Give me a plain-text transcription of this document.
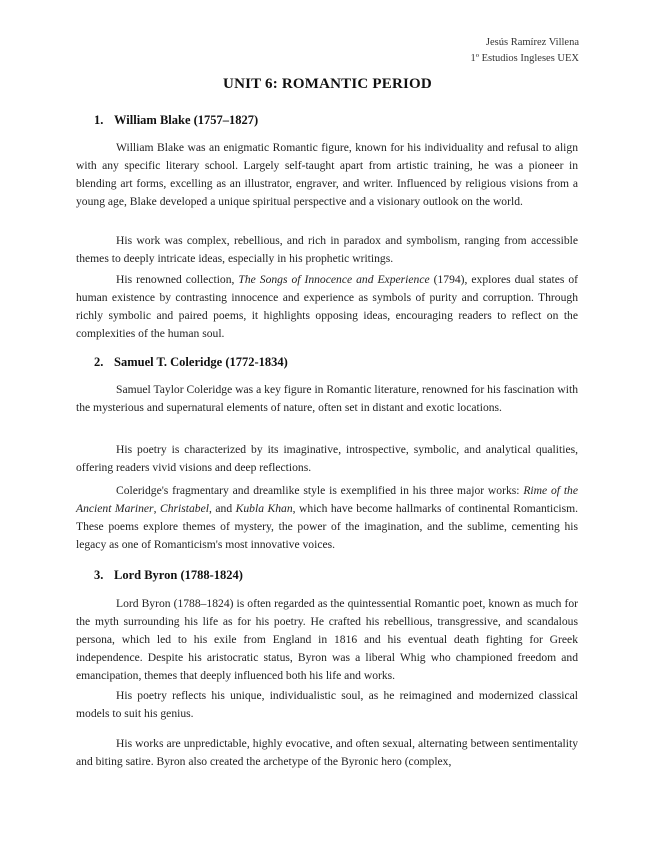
Jesús Ramírez Villena
1º Estudios Ingleses UEX
UNIT 6: ROMANTIC PERIOD
1. William Blake (1757–1827)

William Blake was an enigmatic Romantic figure, known for his individuality and refusal to align with any specific literary school. Largely self-taught apart from artistic training, he was a pioneer in blending art forms, excelling as an illustrator, engraver, and writer. Influenced by religious visions from a young age, Blake developed a unique spiritual perspective and a visionary outlook on the world.

His work was complex, rebellious, and rich in paradox and symbolism, ranging from accessible themes to deeply intricate ideas, especially in his prophetic writings.

His renowned collection, The Songs of Innocence and Experience (1794), explores dual states of human existence by contrasting innocence and experience as symbols of purity and corruption. Through richly symbolic and paired poems, it highlights opposing ideas, encouraging readers to reflect on the complexities of the human soul.

2. Samuel T. Coleridge (1772-1834)

Samuel Taylor Coleridge was a key figure in Romantic literature, renowned for his fascination with the mysterious and supernatural elements of nature, often set in distant and exotic locations.

His poetry is characterized by its imaginative, introspective, symbolic, and analytical qualities, offering readers vivid visions and deep reflections.

Coleridge's fragmentary and dreamlike style is exemplified in his three major works: Rime of the Ancient Mariner, Christabel, and Kubla Khan, which have become hallmarks of continental Romanticism. These poems explore themes of mystery, the power of the imagination, and the sublime, cementing his legacy as one of Romanticism's most innovative voices.

3. Lord Byron (1788-1824)

Lord Byron (1788–1824) is often regarded as the quintessential Romantic poet, known as much for the myth surrounding his life as for his poetry. He crafted his rebellious, transgressive, and scandalous persona, which led to his exile from England in 1816 and his eventual death fighting for Greek independence. Despite his aristocratic status, Byron was a liberal Whig who championed freedom and emancipation, themes that deeply influenced both his life and works.

His poetry reflects his unique, individualistic soul, as he reimagined and modernized classical models to suit his genius.

His works are unpredictable, highly evocative, and often sexual, alternating between sentimentality and biting satire. Byron also created the archetype of the Byronic hero (complex,
